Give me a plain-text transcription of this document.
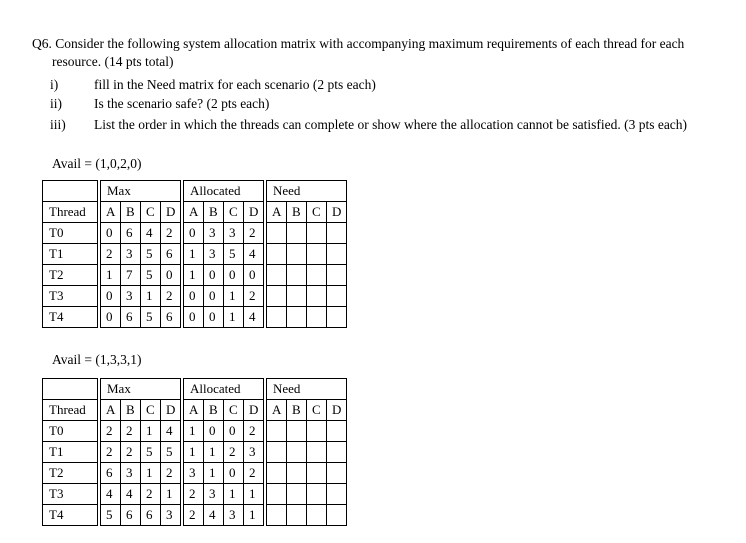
Q6. Consider the following system allocation matrix with accompanying maximum requirements of each thread for each
resource. (14 pts total)
i)	fill in the Need matrix for each scenario (2 pts each)
ii) Is the scenario safe? (2 pts each)
iii) List the order in which the threads can complete or show where the allocation cannot be satisfied. (3 pts each)
Avail = (1,0,2,0)
		Max					Allocated					Need			
Thread		A	B	C	D		A	B	C	D		A	B	C	D
T0		0	6	4	2		0	3	3	2					
T1		2	3	5	6		1	3	5	4					
T2		1	7	5	0		1	0	0	0					
T3		0	3	1	2		0	0	1	2					
T4		0	6	5	6		0	0	1	4					
Avail = (1,3,3,1)
		Max					Allocated					Need			
Thread		A	B	C	D		A	B	C	D		A	B	C	D
T0		2	2	1	4		1	0	0	2					
T1		2	2	5	5		1	1	2	3					
T2		6	3	1	2		3	1	0	2					
T3		4	4	2	1		2	3	1	1					
T4		5	6	6	3		2	4	3	1					
